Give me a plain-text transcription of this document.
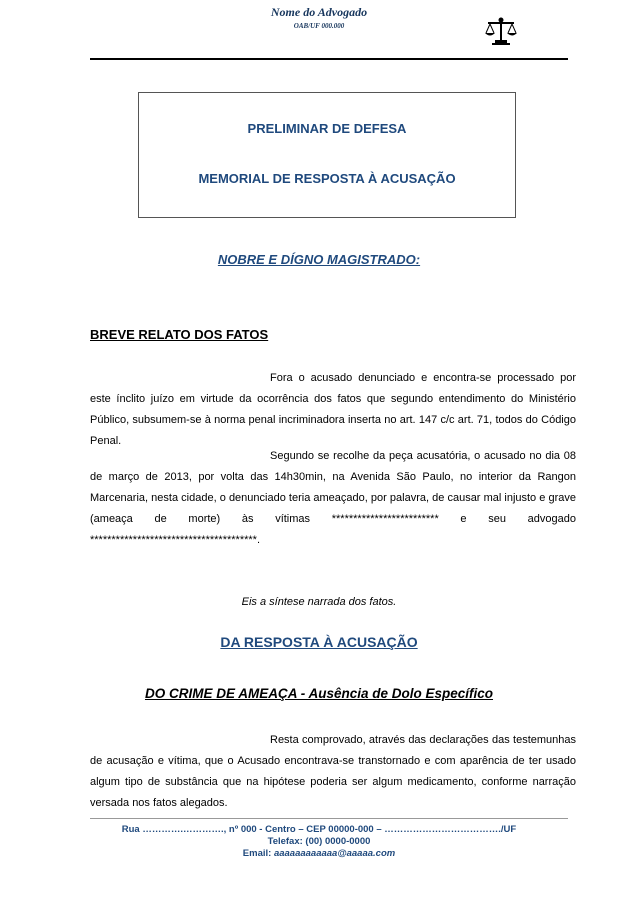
Nome do Advogado
OAB/UF 000.000
PRELIMINAR DE DEFESA
MEMORIAL DE RESPOSTA À ACUSAÇÃO
NOBRE E DÍGNO MAGISTRADO:
BREVE RELATO DOS FATOS

Fora o acusado denunciado e encontra-se processado por este ínclito juízo em virtude da ocorrência dos fatos que segundo entendimento do Ministério Público, subsumem-se à norma penal incriminadora inserta no art. 147 c/c art. 71, todos do Código Penal.

Segundo se recolhe da peça acusatória, o acusado no dia 08 de março de 2013, por volta das 14h30min, na Avenida São Paulo, no interior da Rangon Marcenaria, nesta cidade, o denunciado teria ameaçado, por palavra, de causar mal injusto e grave (ameaça de morte) às vítimas ************************* e seu advogado ***************************************.

Eis a síntese narrada dos fatos.
DA RESPOSTA À ACUSAÇÃO
DO CRIME DE AMEAÇA - Ausência de Dolo Específico

Resta comprovado, através das declarações das testemunhas de acusação e vítima, que o Acusado encontrava-se transtornado e com aparência de ter usado algum tipo de substância que na hipótese poderia ser algum medicamento, conforme narração versada nos fatos alegados.

Rua ………….…………., nº 000 - Centro – CEP 00000-000 – ………………………………./UF
Telefax: (00) 0000-0000
Email: aaaaaaaaaaaa@aaaaa.com
